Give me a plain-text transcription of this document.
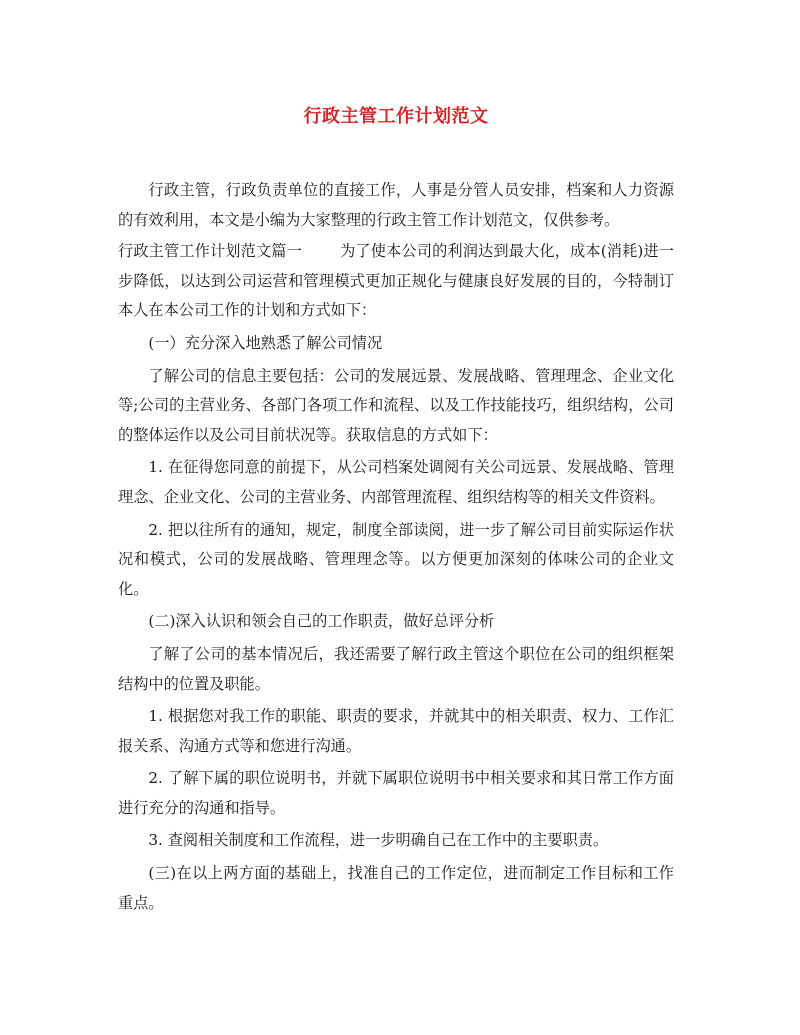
行政主管工作计划范文

行政主管，行政负责单位的直接工作，人事是分管人员安排，档案和人力资源的有效利用，本文是小编为大家整理的行政主管工作计划范文，仅供参考。

行政主管工作计划范文篇一	为了使本公司的利润达到最大化，成本(消耗)进一步降低，以达到公司运营和管理模式更加正规化与健康良好发展的目的，今特制订本人在本公司工作的计划和方式如下：

(一）充分深入地熟悉了解公司情况

了解公司的信息主要包括：公司的发展远景、发展战略、管理理念、企业文化等;公司的主营业务、各部门各项工作和流程、以及工作技能技巧，组织结构，公司的整体运作以及公司目前状况等。获取信息的方式如下：

1. 在征得您同意的前提下，从公司档案处调阅有关公司远景、发展战略、管理理念、企业文化、公司的主营业务、内部管理流程、组织结构等的相关文件资料。

2. 把以往所有的通知，规定，制度全部读阅，进一步了解公司目前实际运作状况和模式，公司的发展战略、管理理念等。以方便更加深刻的体味公司的企业文化。

(二)深入认识和领会自己的工作职责，做好总评分析

了解了公司的基本情况后，我还需要了解行政主管这个职位在公司的组织框架结构中的位置及职能。

1. 根据您对我工作的职能、职责的要求，并就其中的相关职责、权力、工作汇报关系、沟通方式等和您进行沟通。

2. 了解下属的职位说明书，并就下属职位说明书中相关要求和其日常工作方面进行充分的沟通和指导。

3. 查阅相关制度和工作流程，进一步明确自己在工作中的主要职责。

(三)在以上两方面的基础上，找准自己的工作定位，进而制定工作目标和工作重点。
